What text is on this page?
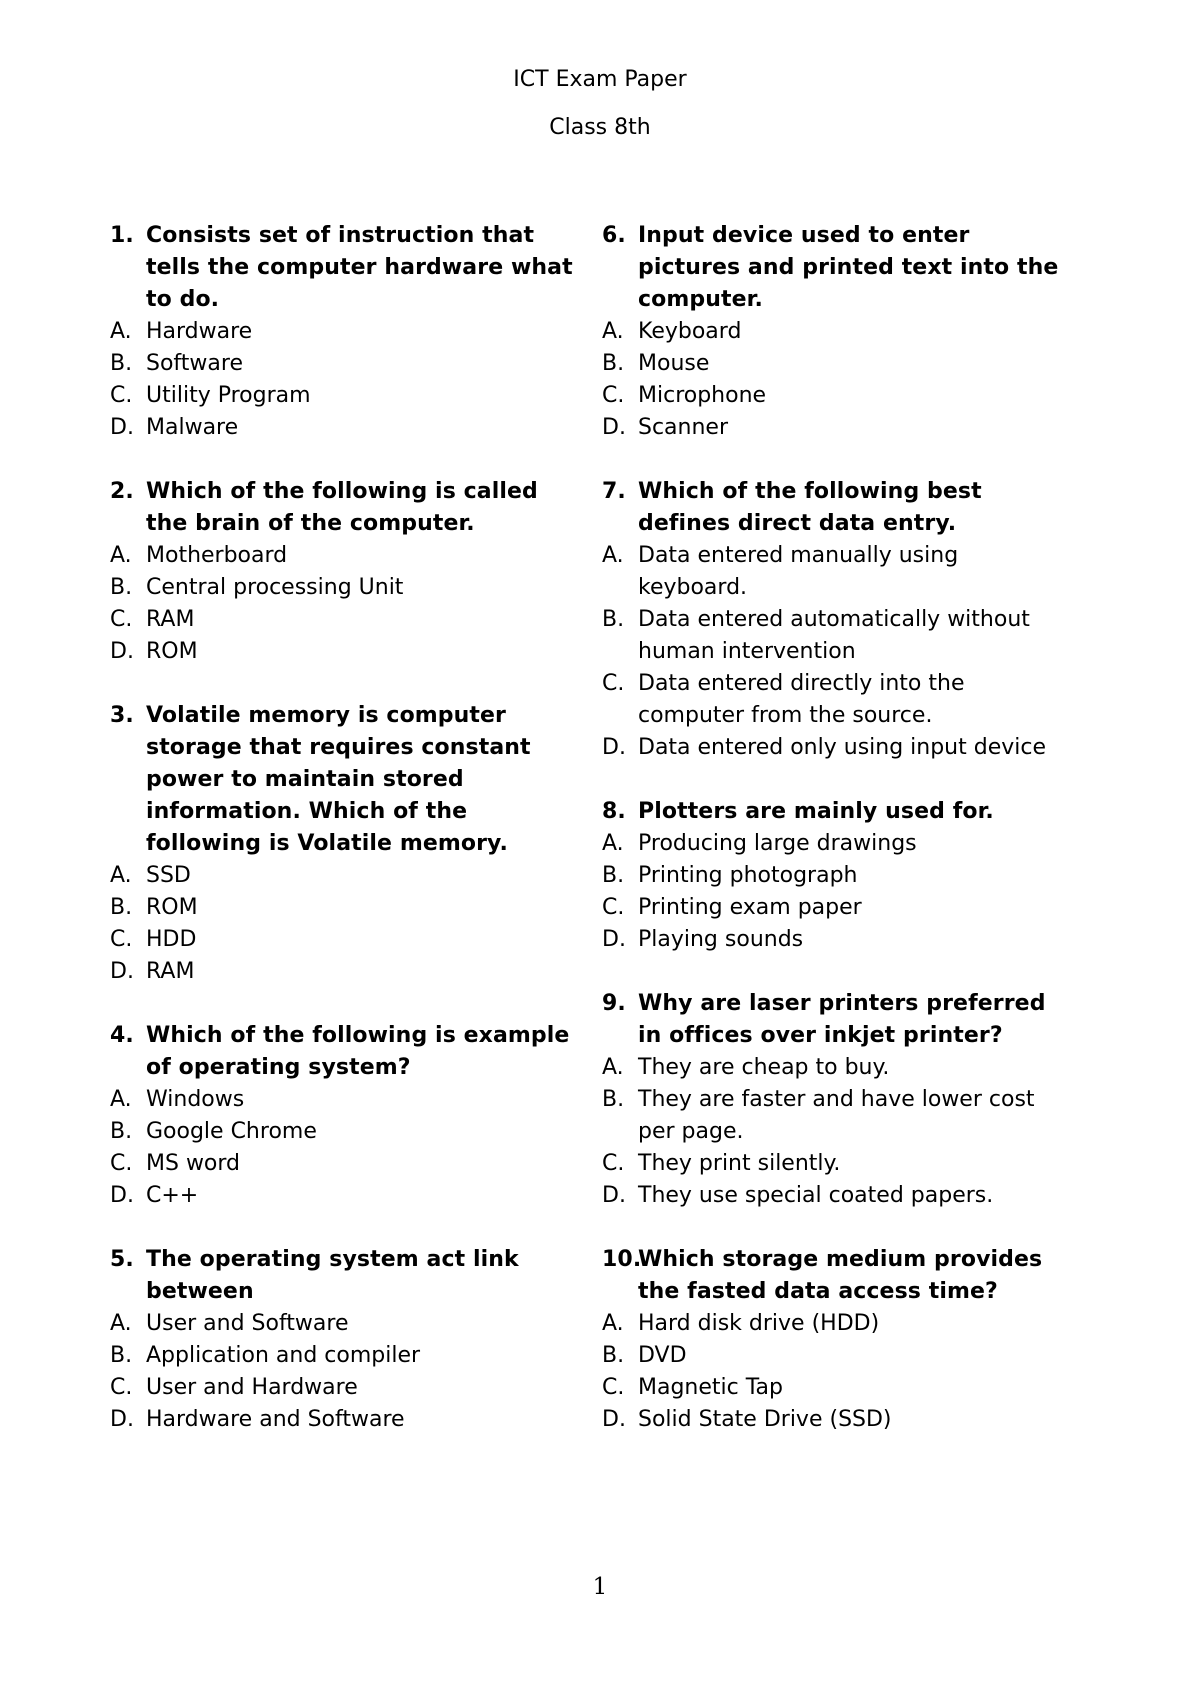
ICT Exam Paper
Class 8th
1. Consists set of instruction that tells the computer hardware what to do.
A. Hardware
B. Software
C. Utility Program
D. Malware
2. Which of the following is called the brain of the computer.
A. Motherboard
B. Central processing Unit
C. RAM
D. ROM
3. Volatile memory is computer storage that requires constant power to maintain stored information. Which of the following is Volatile memory.
A. SSD
B. ROM
C. HDD
D. RAM
4. Which of the following is example of operating system?
A. Windows
B. Google Chrome
C. MS word
D. C++
5. The operating system act link between
A. User and Software
B. Application and compiler
C. User and Hardware
D. Hardware and Software
6. Input device used to enter pictures and printed text into the computer.
A. Keyboard
B. Mouse
C. Microphone
D. Scanner
7. Which of the following best defines direct data entry.
A. Data entered manually using keyboard.
B. Data entered automatically without human intervention
C. Data entered directly into the computer from the source.
D. Data entered only using input device
8. Plotters are mainly used for.
A. Producing large drawings
B. Printing photograph
C. Printing exam paper
D. Playing sounds
9. Why are laser printers preferred in offices over inkjet printer?
A. They are cheap to buy.
B. They are faster and have lower cost per page.
C. They print silently.
D. They use special coated papers.
10.
Which storage medium provides the fasted data access time?
A. Hard disk drive (HDD)
B. DVD
C. Magnetic Tap
D. Solid State Drive (SSD)
1
